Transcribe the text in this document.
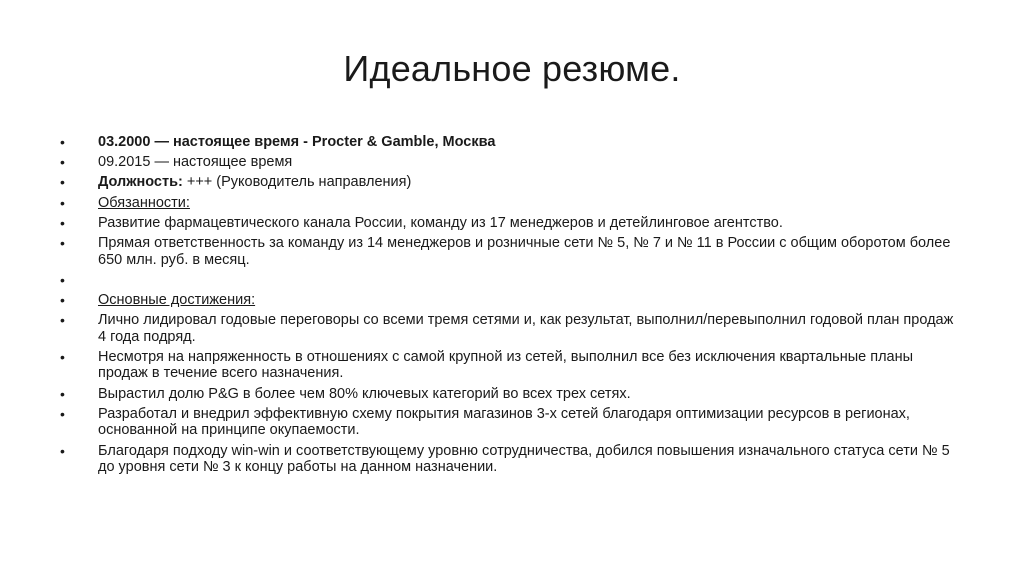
Идеальное резюме.
• 03.2000 — настоящее время - Procter & Gamble, Москва
• 09.2015 — настоящее время
• Должность: +++ (Руководитель направления)
• Обязанности:
• Развитие фармацевтического канала России, команду из 17 менеджеров и детейлинговое агентство.
• Прямая ответственность за команду из 14 менеджеров и розничные сети № 5, № 7 и № 11 в России с общим оборотом более 650 млн. руб. в месяц.
•
• Основные достижения:
• Лично лидировал годовые переговоры со всеми тремя сетями и, как результат, выполнил/перевыполнил годовой план продаж 4 года подряд.
• Несмотря на напряженность в отношениях с самой крупной из сетей, выполнил все без исключения квартальные планы продаж в течение всего назначения.
• Вырастил долю P&G в более чем 80% ключевых категорий во всех трех сетях.
• Разработал и внедрил эффективную схему покрытия магазинов 3-х сетей благодаря оптимизации ресурсов в регионах, основанной на принципе окупаемости.
• Благодаря подходу win-win и соответствующему уровню сотрудничества, добился повышения изначального статуса сети № 5 до уровня сети № 3 к концу работы на данном назначении.
